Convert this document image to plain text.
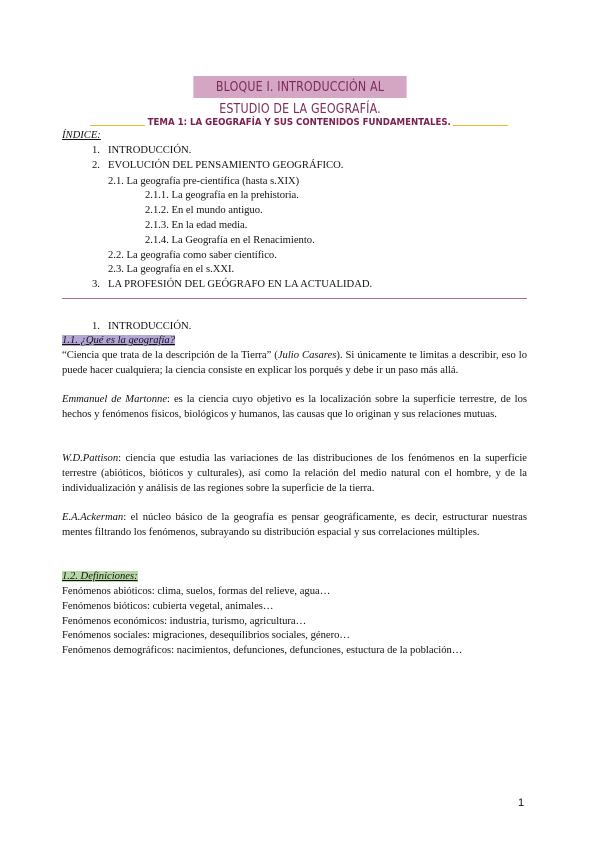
BLOQUE I. INTRODUCCIÓN AL ESTUDIO DE LA GEOGRAFÍA.
TEMA 1: LA GEOGRAFÍA Y SUS CONTENIDOS FUNDAMENTALES.
ÍNDICE:
1. INTRODUCCIÓN.
2. EVOLUCIÓN DEL PENSAMIENTO GEOGRÁFICO.
2.1. La geografía pre-científica (hasta s.XIX)
2.1.1. La geografía en la prehistoria.
2.1.2. En el mundo antiguo.
2.1.3. En la edad media.
2.1.4. La Geografía en el Renacimiento.
2.2. La geografía como saber científico.
2.3. La geografía en el s.XXI.
3. LA PROFESIÓN DEL GEÓGRAFO EN LA ACTUALIDAD.
1. INTRODUCCIÓN.
1.1. ¿Qué es la geografía?
“Ciencia que trata de la descripción de la Tierra” (Julio Casares). Si únicamente te limitas a describir, eso lo puede hacer cualquiera; la ciencia consiste en explicar los porqués y debe ir un paso más allá.
Emmanuel de Martonne: es la ciencia cuyo objetivo es la localización sobre la superficie terrestre, de los hechos y fenómenos físicos, biológicos y humanos, las causas que lo originan y sus relaciones mutuas.
W.D.Pattison: ciencia que estudia las variaciones de las distribuciones de los fenómenos en la superficie terrestre (abióticos, bióticos y culturales), así como la relación del medio natural con el hombre, y de la individualización y análisis de las regiones sobre la superficie de la tierra.
E.A.Ackerman: el núcleo básico de la geografía es pensar geográficamente, es decir, estructurar nuestras mentes filtrando los fenómenos, subrayando su distribución espacial y sus correlaciones múltiples.
1.2. Definiciones:
Fenómenos abióticos: clima, suelos, formas del relieve, agua…
Fenómenos bióticos: cubierta vegetal, animales…
Fenómenos económicos: industria, turismo, agricultura…
Fenómenos sociales: migraciones, desequilibrios sociales, género…
Fenómenos demográficos: nacimientos, defunciones, defunciones, estuctura de la población…
1
